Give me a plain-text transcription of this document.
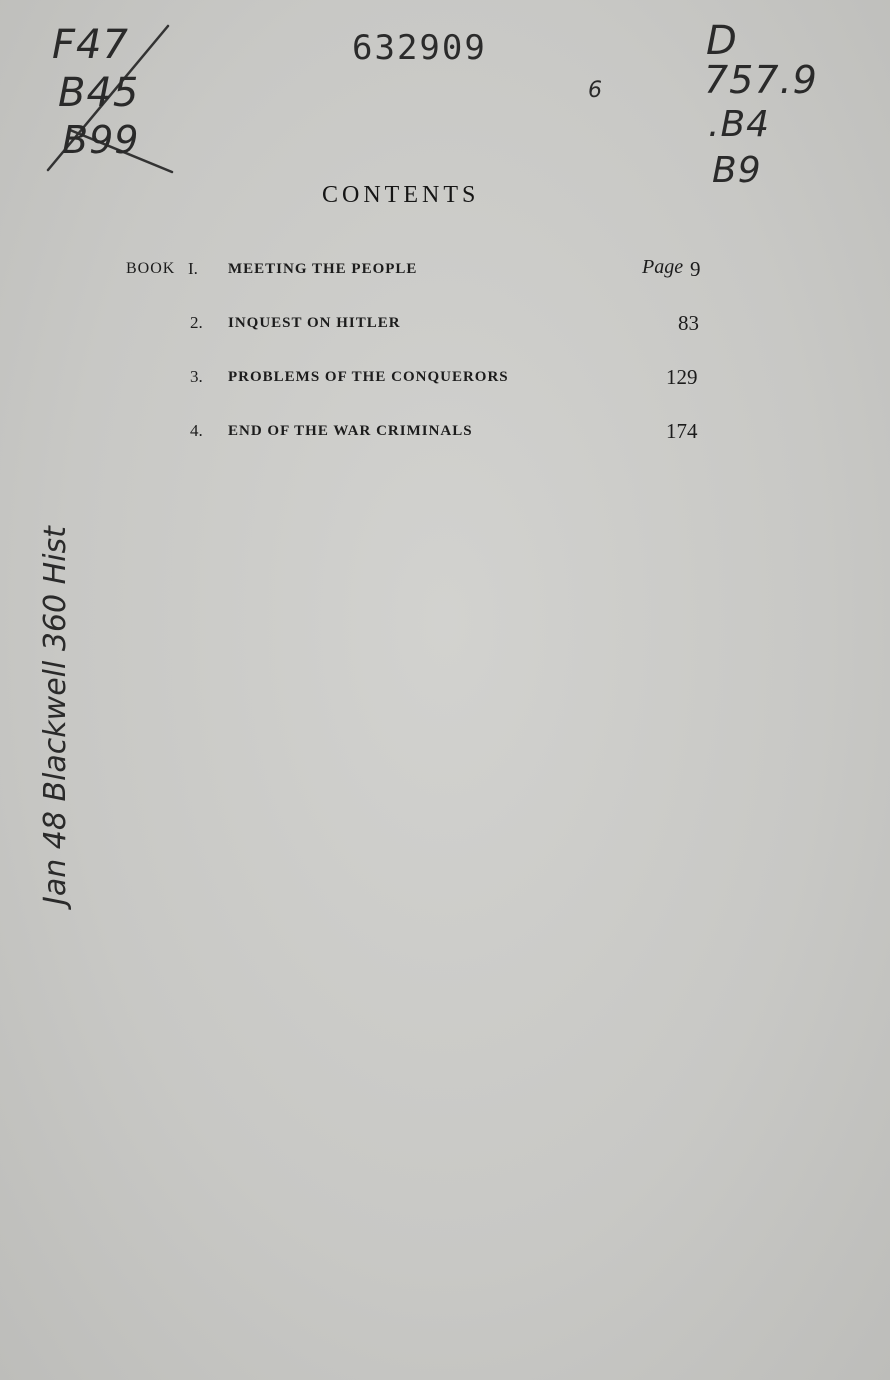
F47
B45
B99
632909
6
D
757.9
.B4
B9
Jan 48 Blackwell 360 Hist
CONTENTS
BOOK I. MEETING THE PEOPLE	Page 9
2. INQUEST ON HITLER	83
3. PROBLEMS OF THE CONQUERORS	129
4. END OF THE WAR CRIMINALS	174
